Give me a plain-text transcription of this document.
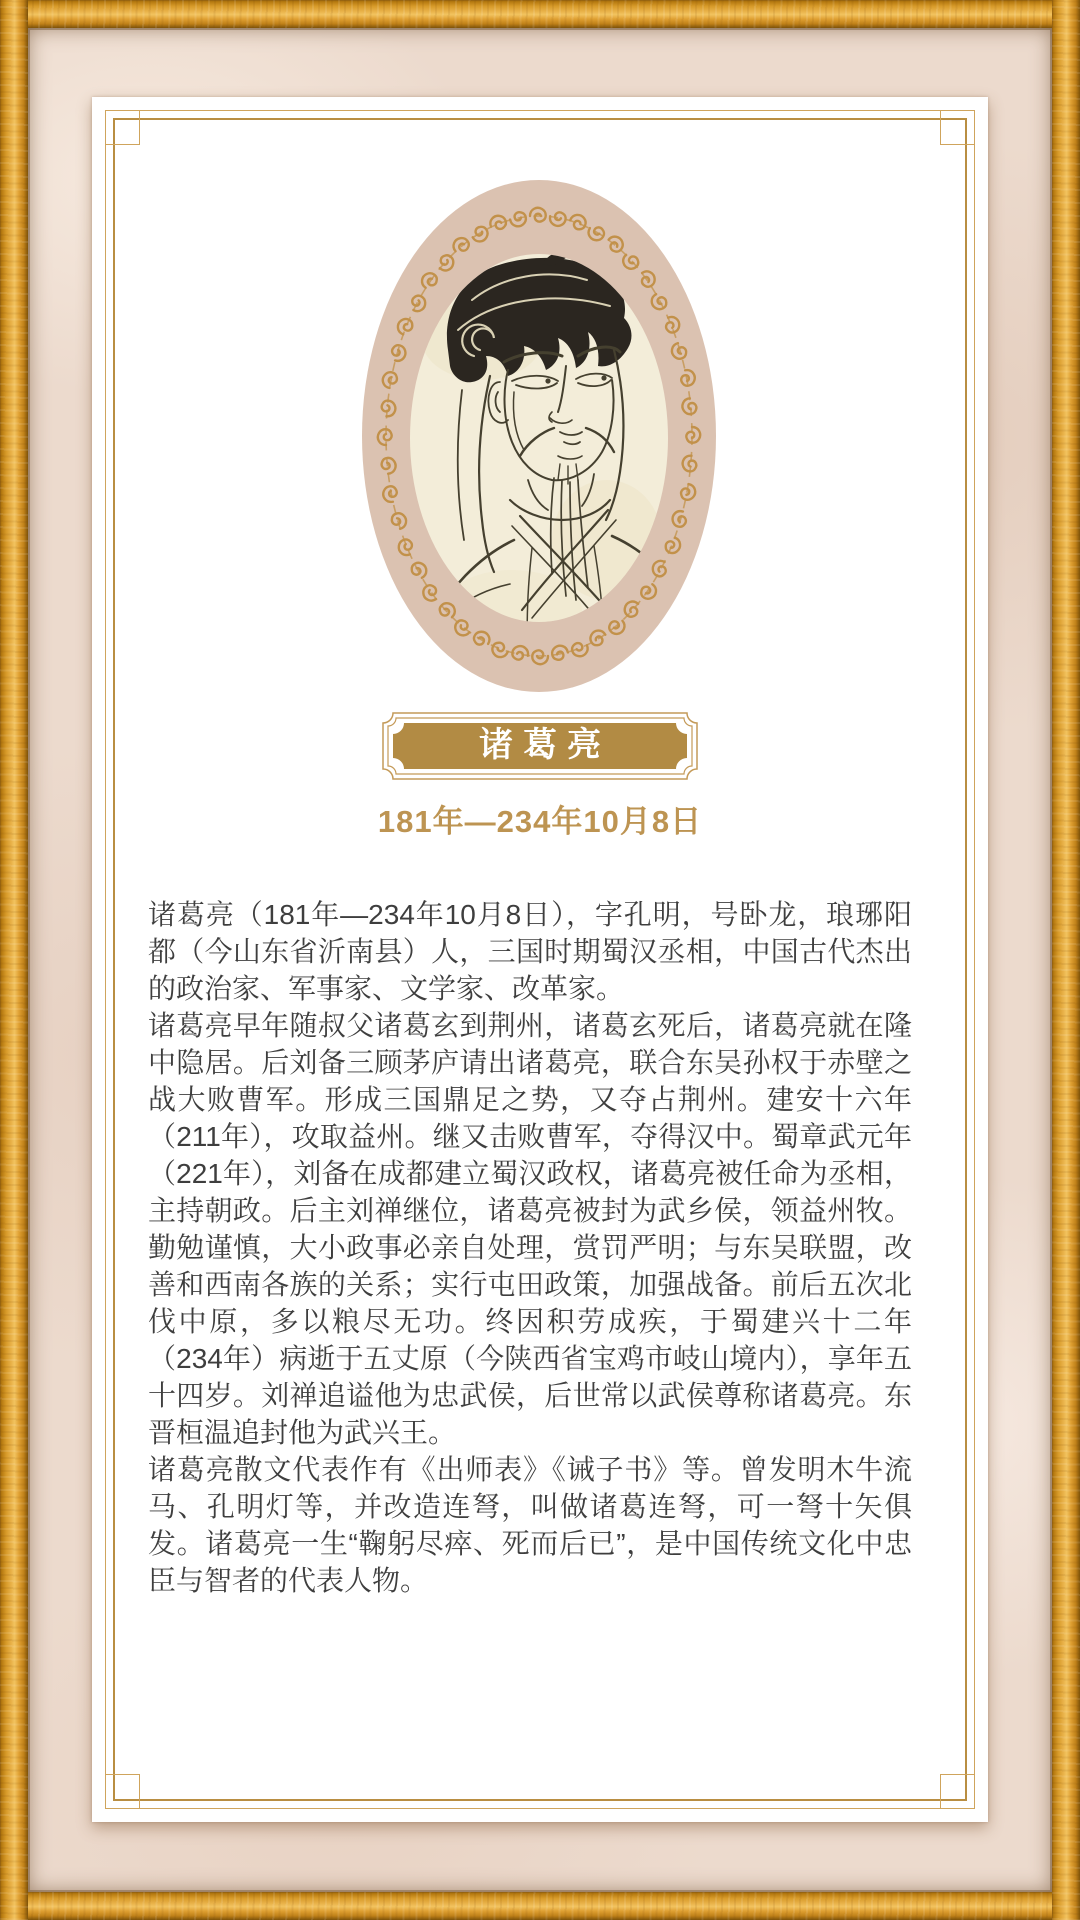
诸葛亮
181年—234年10月8日

诸葛亮（181年—234年10月8日），字孔明，号卧龙，琅琊阳都（今山东省沂南县）人，三国时期蜀汉丞相，中国古代杰出的政治家、军事家、文学家、改革家。

诸葛亮早年随叔父诸葛玄到荆州，诸葛玄死后，诸葛亮就在隆中隐居。后刘备三顾茅庐请出诸葛亮，联合东吴孙权于赤壁之战大败曹军。形成三国鼎足之势，又夺占荆州。建安十六年（211年），攻取益州。继又击败曹军，夺得汉中。蜀章武元年（221年），刘备在成都建立蜀汉政权，诸葛亮被任命为丞相，主持朝政。后主刘禅继位，诸葛亮被封为武乡侯，领益州牧。勤勉谨慎，大小政事必亲自处理，赏罚严明；与东吴联盟，改善和西南各族的关系；实行屯田政策，加强战备。前后五次北伐中原，多以粮尽无功。终因积劳成疾，于蜀建兴十二年（234年）病逝于五丈原（今陕西省宝鸡市岐山境内），享年五十四岁。刘禅追谥他为忠武侯，后世常以武侯尊称诸葛亮。东晋桓温追封他为武兴王。

诸葛亮散文代表作有《出师表》《诫子书》等。曾发明木牛流马、孔明灯等，并改造连弩，叫做诸葛连弩，可一弩十矢俱发。诸葛亮一生“鞠躬尽瘁、死而后已”，是中国传统文化中忠臣与智者的代表人物。
